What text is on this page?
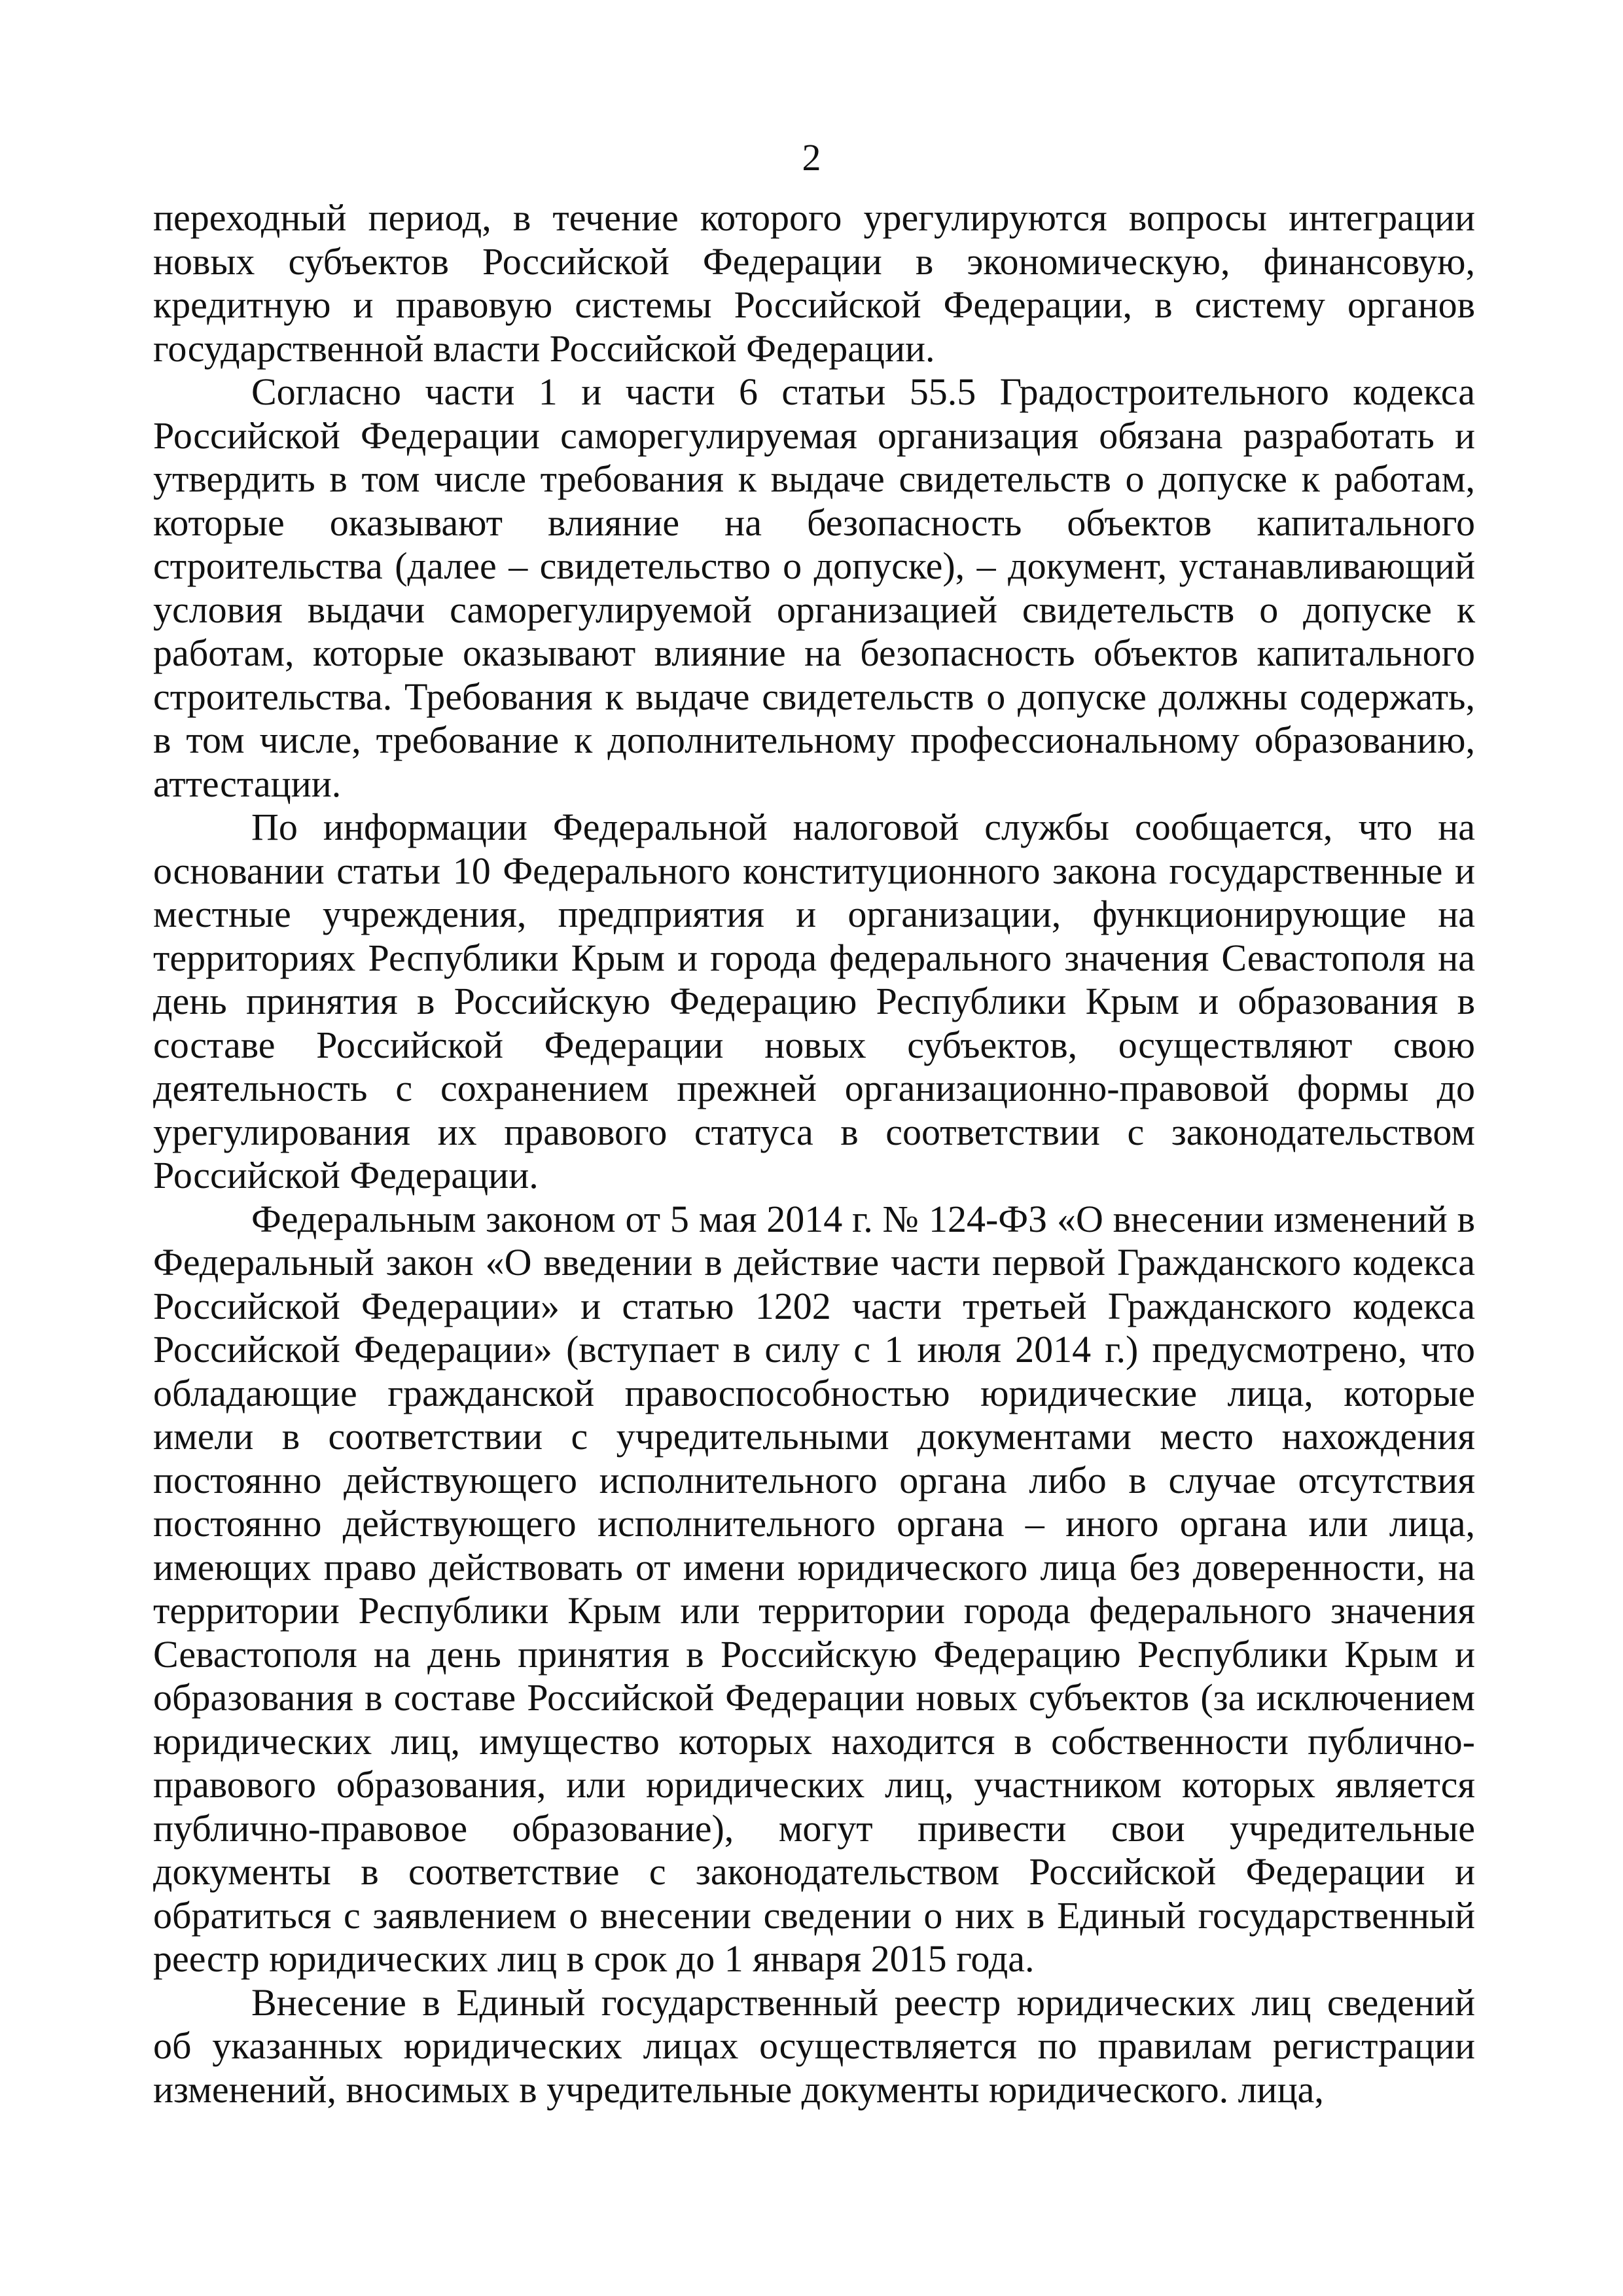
2

переходный период, в течение которого урегулируются вопросы интеграции новых субъектов Российской Федерации в экономическую, финансовую, кредитную и правовую системы Российской Федерации, в систему органов государственной власти Российской Федерации.

Согласно части 1 и части 6 статьи 55.5 Градостроительного кодекса Российской Федерации саморегулируемая организация обязана разработать и утвердить в том числе требования к выдаче свидетельств о допуске к работам, которые оказывают влияние на безопасность объектов капитального строительства (далее – свидетельство о допуске), – документ, устанавливающий условия выдачи саморегулируемой организацией свидетельств о допуске к работам, которые оказывают влияние на безопасность объектов капитального строительства. Требования к выдаче свидетельств о допуске должны содержать, в том числе, требование к дополнительному профессиональному образованию, аттестации.

По информации Федеральной налоговой службы сообщается, что на основании статьи 10 Федерального конституционного закона государственные и местные учреждения, предприятия и организации, функционирующие на территориях Республики Крым и города федерального значения Севастополя на день принятия в Российскую Федерацию Республики Крым и образования в составе Российской Федерации новых субъектов, осуществляют свою деятельность с сохранением прежней организационно-правовой формы до урегулирования их правового статуса в соответствии с законодательством Российской Федерации.

Федеральным законом от 5 мая 2014 г. № 124-ФЗ «О внесении изменений в Федеральный закон «О введении в действие части первой Гражданского кодекса Российской Федерации» и статью 1202 части третьей Гражданского кодекса Российской Федерации» (вступает в силу с 1 июля 2014 г.) предусмотрено, что обладающие гражданской правоспособностью юридические лица, которые имели в соответствии с учредительными документами место нахождения постоянно действующего исполнительного органа либо в случае отсутствия постоянно действующего исполнительного органа – иного органа или лица, имеющих право действовать от имени юридического лица без доверенности, на территории Республики Крым или территории города федерального значения Севастополя на день принятия в Российскую Федерацию Республики Крым и образования в составе Российской Федерации новых субъектов (за исключением юридических лиц, имущество которых находится в собственности публично-правового образования, или юридических лиц, участником которых является публично-правовое образование), могут привести свои учредительные документы в соответствие с законодательством Российской Федерации и обратиться с заявлением о внесении сведении о них в Единый государственный реестр юридических лиц в срок до 1 января 2015 года.

Внесение в Единый государственный реестр юридических лиц сведений об указанных юридических лицах осуществляется по правилам регистрации изменений, вносимых в учредительные документы юридического. лица,
